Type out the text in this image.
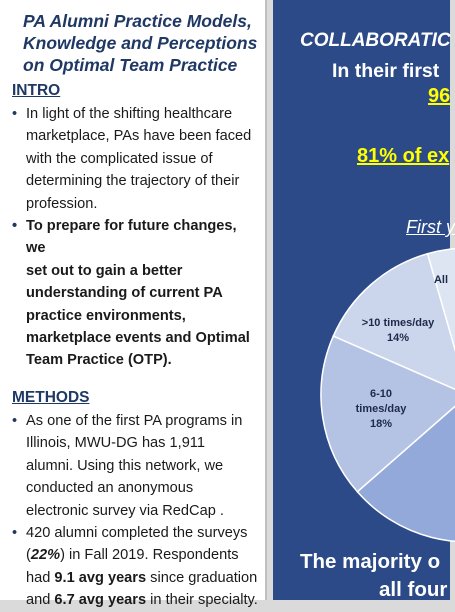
PA Alumni Practice Models,
Knowledge and Perceptions
on Optimal Team Practice
INTRO
• In light of the shifting healthcare
marketplace, PAs have been faced
with the complicated issue of
determining the trajectory of their
profession.
• To prepare for future changes, we
set out to gain a better
understanding of current PA
practice environments,
marketplace events and Optimal
Team Practice (OTP).
METHODS
• As one of the first PA programs in
Illinois, MWU-DG has 1,911
alumni. Using this network, we
conducted an anonymous
electronic survey via RedCap .
• 420 alumni completed the surveys
(22%) in Fall 2019. Respondents
had 9.1 avg years since graduation
and 6.7 avg years in their specialty.
All
>10 times/day
14%
6-10
times/day
18%
COLLABORATIC
In their first
96
81% of ex
First y
The majority o
all four
